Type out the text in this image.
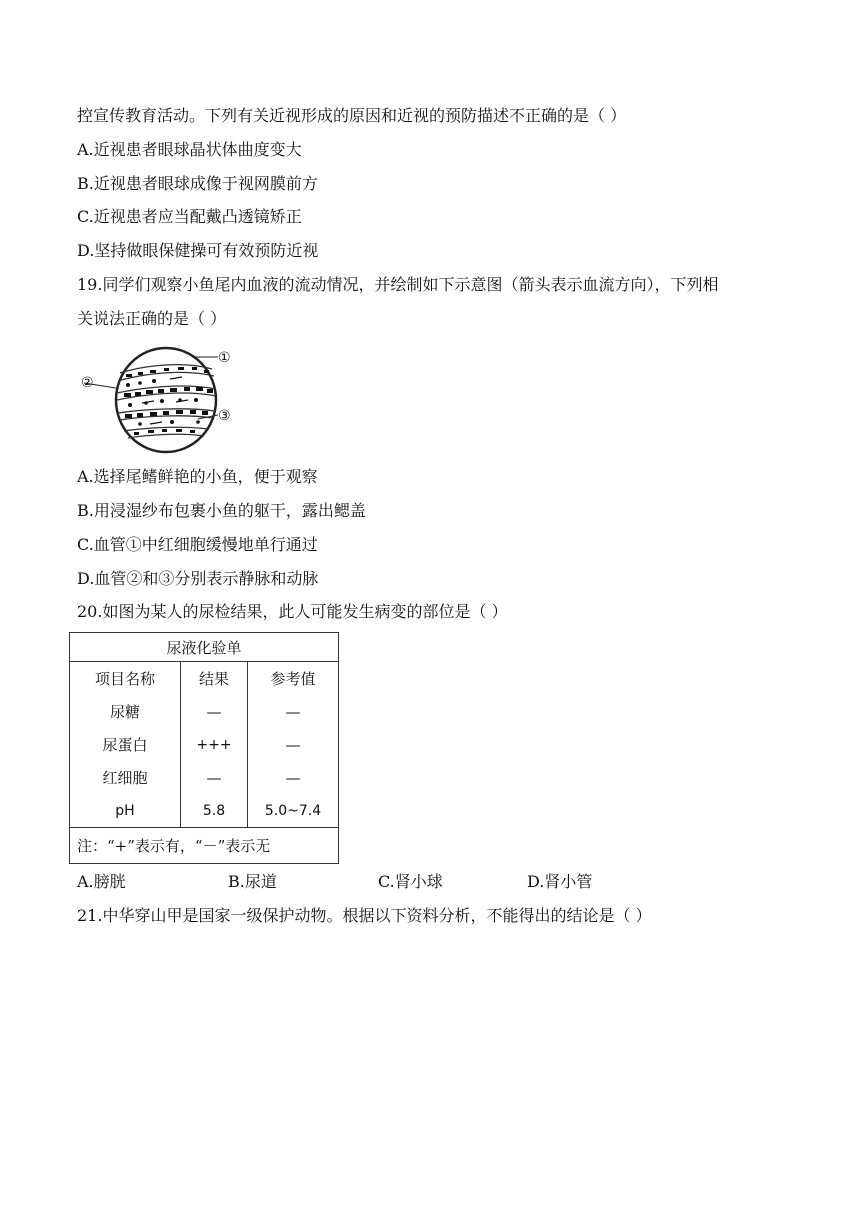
控宣传教育活动。下列有关近视形成的原因和近视的预防描述不正确的是（ ）
A.近视患者眼球晶状体曲度变大
B.近视患者眼球成像于视网膜前方
C.近视患者应当配戴凸透镜矫正
D.坚持做眼保健操可有效预防近视
19.同学们观察小鱼尾内血液的流动情况，并绘制如下示意图（箭头表示血流方向），下列相
关说法正确的是（ ）
①
②
③
A.选择尾鳍鲜艳的小鱼，便于观察
B.用浸湿纱布包裹小鱼的躯干，露出鳃盖
C.血管①中红细胞缓慢地单行通过
D.血管②和③分别表示静脉和动脉
20.如图为某人的尿检结果，此人可能发生病变的部位是（ ）
尿液化验单		
项目名称	结果	参考值
尿糖	—	—
尿蛋白	+++	—
红细胞	—	—
pH	5.8	5.0~7.4
注：“+”表示有，“－”表示无		
A.膀胱	B.尿道	C.肾小球	D.肾小管
21.中华穿山甲是国家一级保护动物。根据以下资料分析，不能得出的结论是（ ）
